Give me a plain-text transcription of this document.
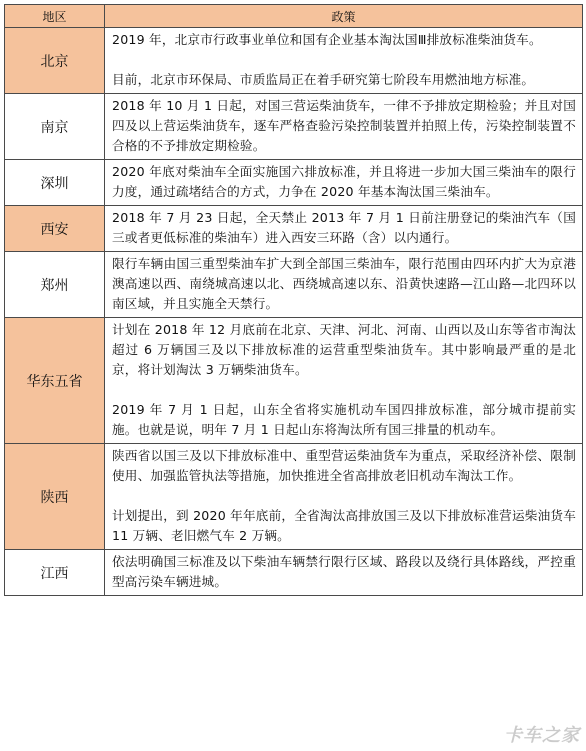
地区	政策
北京	2019 年，北京市行政事业单位和国有企业基本淘汰国Ⅲ排放标准柴油货车。

目前，北京市环保局、市质监局正在着手研究第七阶段车用燃油地方标准。

南京	2018 年 10 月 1 日起，对国三营运柴油货车，一律不予排放定期检验；并且对国四及以上营运柴油货车，逐车严格查验污染控制装置并拍照上传，污染控制装置不合格的不予排放定期检验。

深圳	2020 年底对柴油车全面实施国六排放标准，并且将进一步加大国三柴油车的限行力度，通过疏堵结合的方式，力争在 2020 年基本淘汰国三柴油车。

西安	2018 年 7 月 23 日起，全天禁止 2013 年 7 月 1 日前注册登记的柴油汽车（国三或者更低标准的柴油车）进入西安三环路（含）以内通行。

郑州	限行车辆由国三重型柴油车扩大到全部国三柴油车，限行范围由四环内扩大为京港澳高速以西、南绕城高速以北、西绕城高速以东、沿黄快速路—江山路—北四环以南区域，并且实施全天禁行。

华东五省	计划在 2018 年 12 月底前在北京、天津、河北、河南、山西以及山东等省市淘汰超过 6 万辆国三及以下排放标准的运营重型柴油货车。其中影响最严重的是北京，将计划淘汰 3 万辆柴油货车。

2019 年 7 月 1 日起，山东全省将实施机动车国四排放标准，部分城市提前实施。也就是说，明年 7 月 1 日起山东将淘汰所有国三排量的机动车。

陕西	陕西省以国三及以下排放标准中、重型营运柴油货车为重点，采取经济补偿、限制使用、加强监管执法等措施，加快推进全省高排放老旧机动车淘汰工作。

计划提出，到 2020 年年底前，全省淘汰高排放国三及以下排放标准营运柴油货车 11 万辆、老旧燃气车 2 万辆。

江西	依法明确国三标准及以下柴油车辆禁行限行区域、路段以及绕行具体路线，严控重型高污染车辆进城。

卡车之家
